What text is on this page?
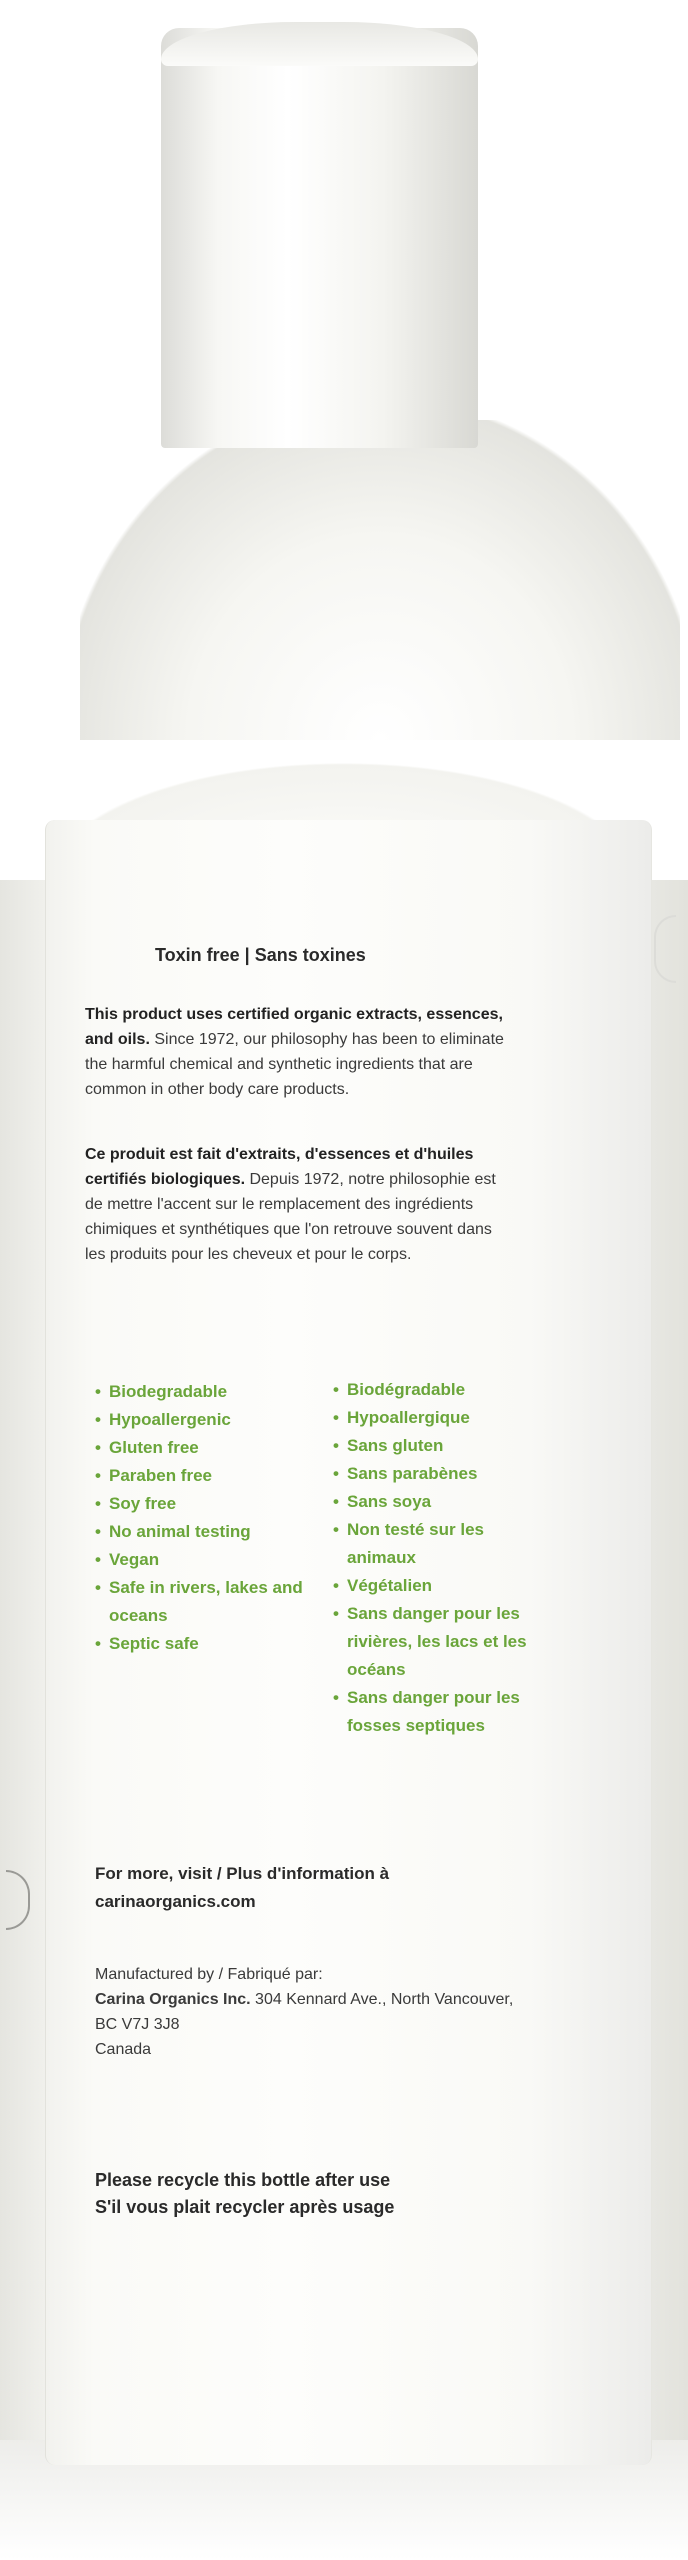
Toxin free | Sans toxines
This product uses certified organic extracts, essences, and oils. Since 1972, our philosophy has been to eliminate the harmful chemical and synthetic ingredients that are common in other body care products.
Ce produit est fait d'extraits, d'essences et d'huiles certifiés biologiques. Depuis 1972, notre philosophie est de mettre l'accent sur le remplacement des ingrédients chimiques et synthétiques que l'on retrouve souvent dans les produits pour les cheveux et pour le corps.
• Biodegradable
• Hypoallergenic
• Gluten free
• Paraben free
• Soy free
• No animal testing
• Vegan
• Safe in rivers, lakes and oceans
• Septic safe
• Biodégradable
• Hypoallergique
• Sans gluten
• Sans parabènes
• Sans soya
• Non testé sur les animaux
• Végétalien
• Sans danger pour les rivières, les lacs et les océans
• Sans danger pour les fosses septiques
For more, visit / Plus d'information à
carinaorganics.com
Manufactured by / Fabriqué par:
Carina Organics Inc. 304 Kennard Ave., North Vancouver, BC V7J 3J8
Canada
Please recycle this bottle after use
S'il vous plait recycler après usage
